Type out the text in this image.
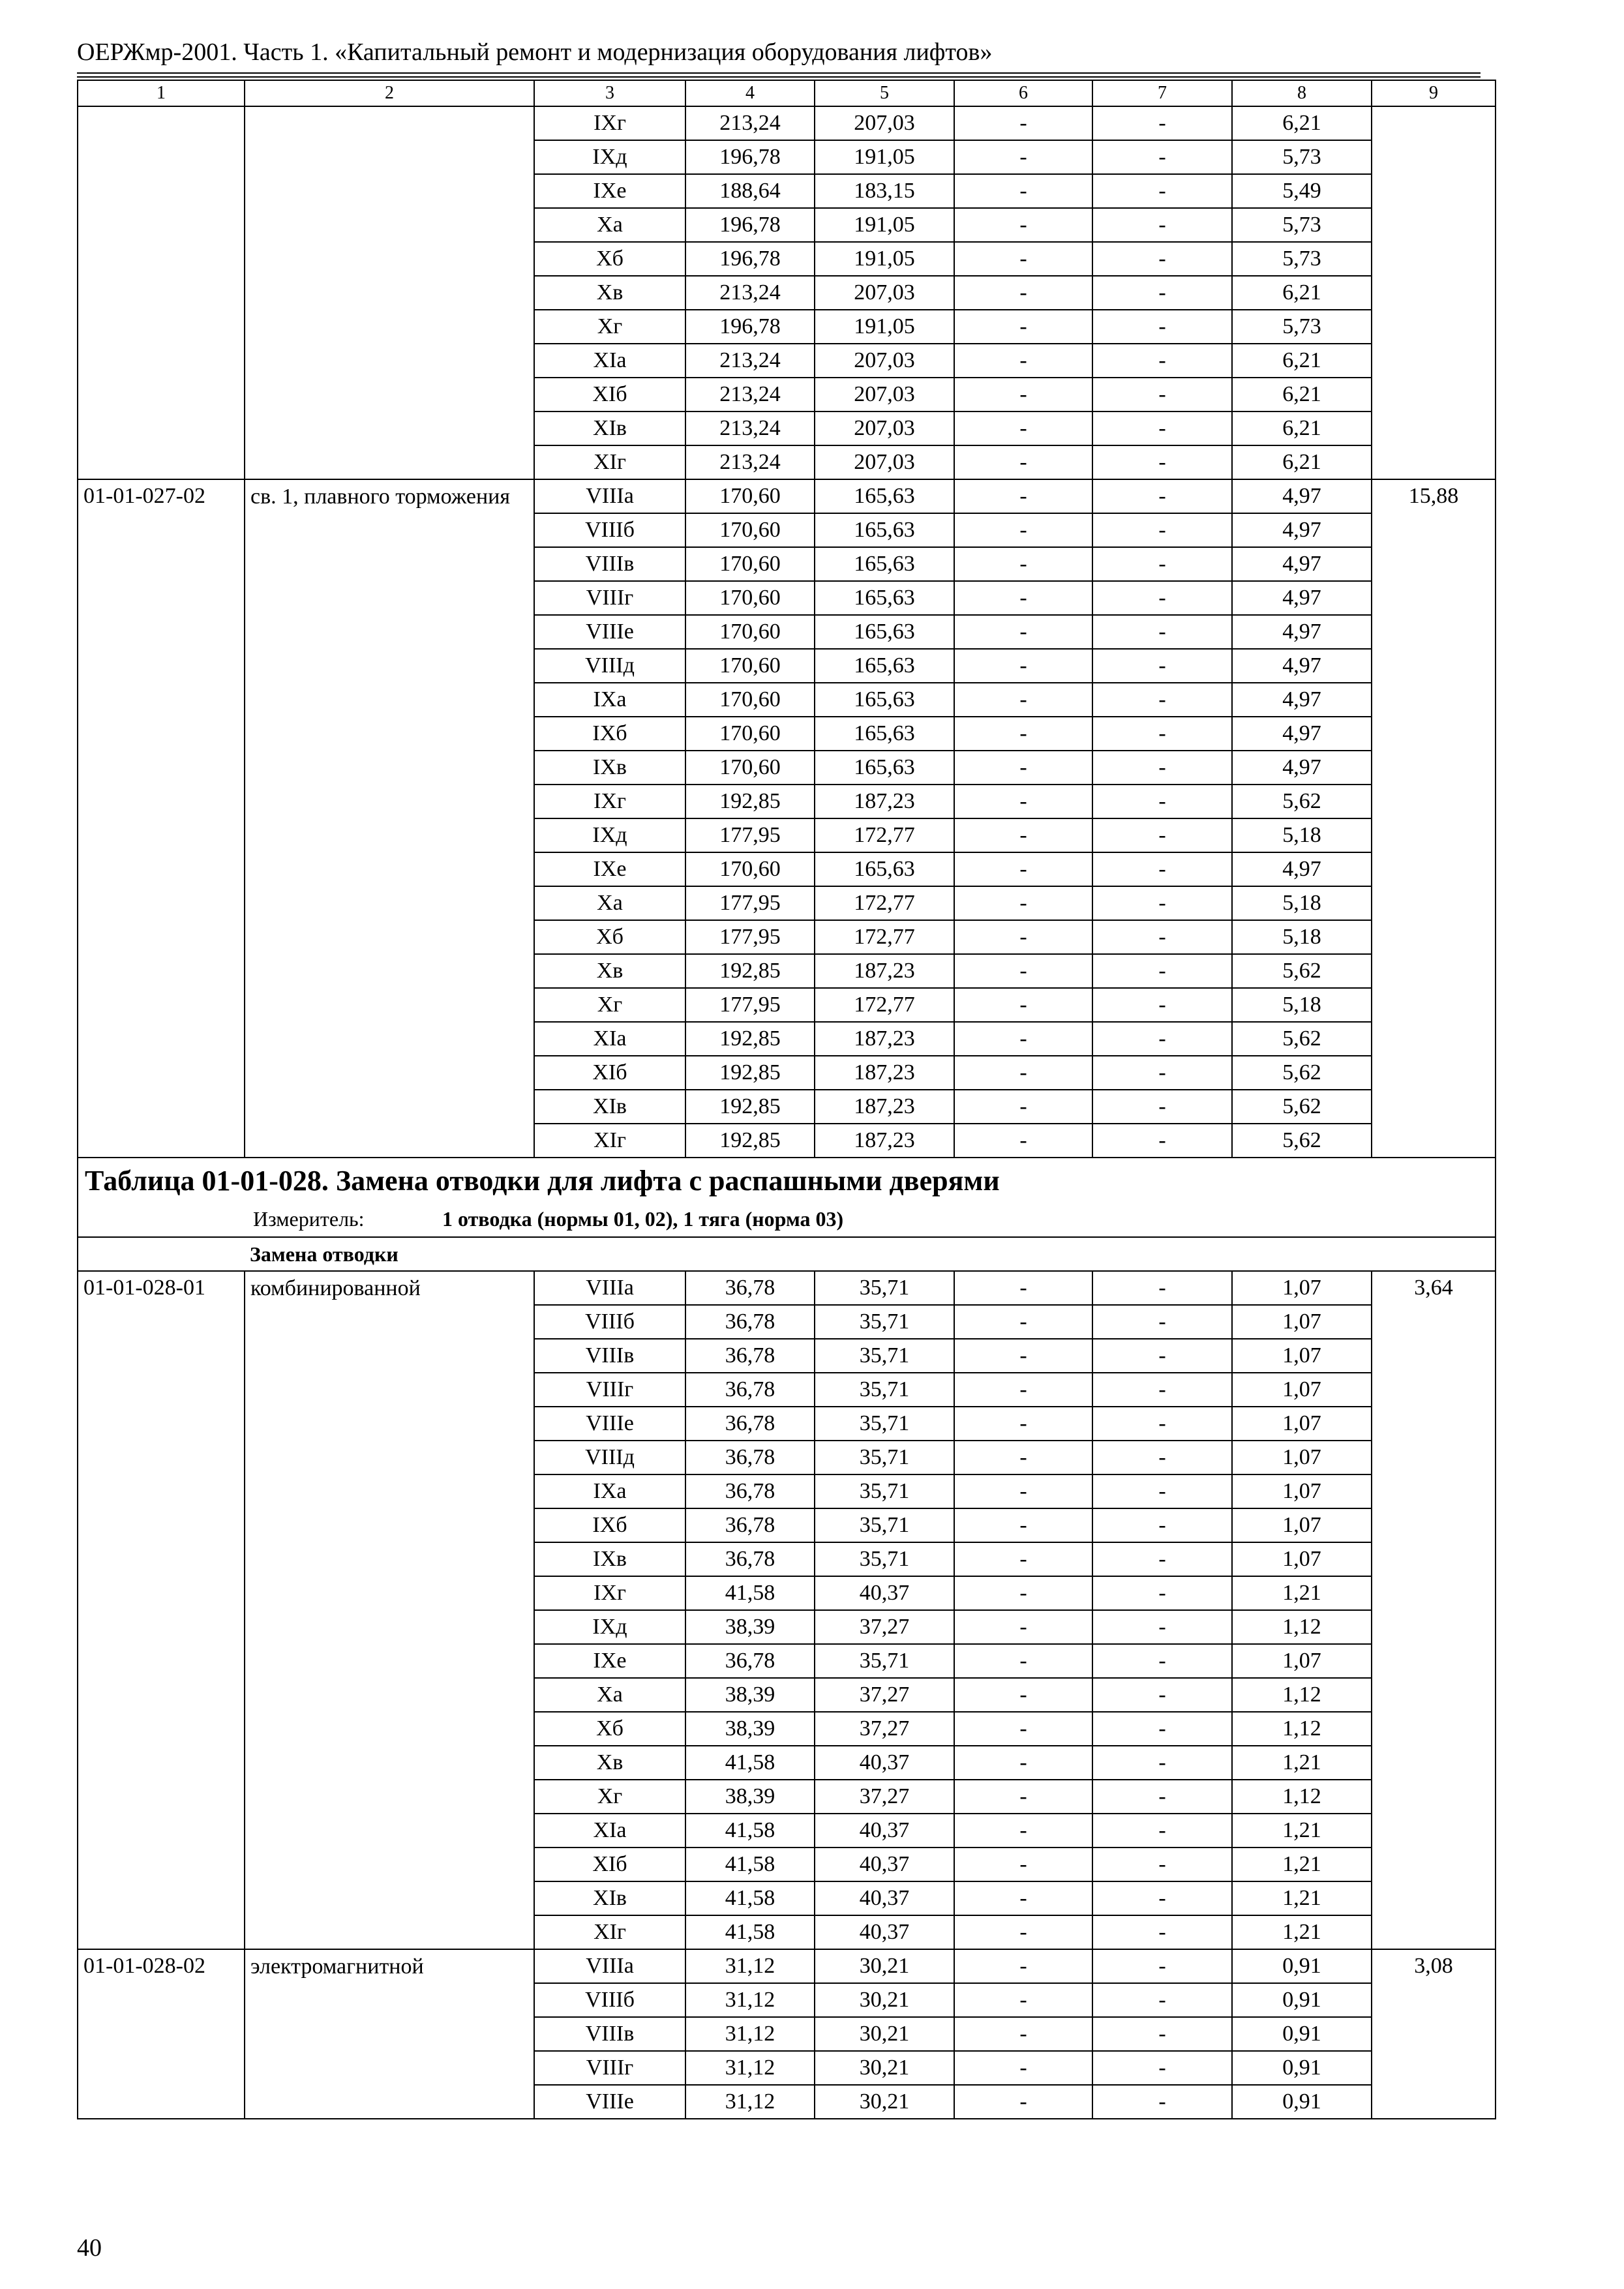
ОЕРЖмр-2001. Часть 1. «Капитальный ремонт и модернизация оборудования лифтов»
1	2	3	4	5	6	7	8	9
		IXг	213,24	207,03	-	-	6,21	
		IXд	196,78	191,05	-	-	5,73	
		IXе	188,64	183,15	-	-	5,49	
		Xа	196,78	191,05	-	-	5,73	
		Xб	196,78	191,05	-	-	5,73	
		Xв	213,24	207,03	-	-	6,21	
		Xг	196,78	191,05	-	-	5,73	
		XIа	213,24	207,03	-	-	6,21	
		XIб	213,24	207,03	-	-	6,21	
		XIв	213,24	207,03	-	-	6,21	
		XIг	213,24	207,03	-	-	6,21	
01-01-027-02	св. 1, плавного торможения	VIIIа	170,60	165,63	-	-	4,97	15,88
		VIIIб	170,60	165,63	-	-	4,97	
		VIIIв	170,60	165,63	-	-	4,97	
		VIIIг	170,60	165,63	-	-	4,97	
		VIIIе	170,60	165,63	-	-	4,97	
		VIIIд	170,60	165,63	-	-	4,97	
		IXа	170,60	165,63	-	-	4,97	
		IXб	170,60	165,63	-	-	4,97	
		IXв	170,60	165,63	-	-	4,97	
		IXг	192,85	187,23	-	-	5,62	
		IXд	177,95	172,77	-	-	5,18	
		IXе	170,60	165,63	-	-	4,97	
		Xа	177,95	172,77	-	-	5,18	
		Xб	177,95	172,77	-	-	5,18	
		Xв	192,85	187,23	-	-	5,62	
		Xг	177,95	172,77	-	-	5,18	
		XIа	192,85	187,23	-	-	5,62	
		XIб	192,85	187,23	-	-	5,62	
		XIв	192,85	187,23	-	-	5,62	
		XIг	192,85	187,23	-	-	5,62	
Таблица 01-01-028. Замена отводки для лифта с распашными дверями								
Измеритель: 1 отводка (нормы 01, 02), 1 тяга (норма 03)								
	Замена отводки							
01-01-028-01	комбинированной	VIIIа	36,78	35,71	-	-	1,07	3,64
		VIIIб	36,78	35,71	-	-	1,07	
		VIIIв	36,78	35,71	-	-	1,07	
		VIIIг	36,78	35,71	-	-	1,07	
		VIIIе	36,78	35,71	-	-	1,07	
		VIIIд	36,78	35,71	-	-	1,07	
		IXа	36,78	35,71	-	-	1,07	
		IXб	36,78	35,71	-	-	1,07	
		IXв	36,78	35,71	-	-	1,07	
		IXг	41,58	40,37	-	-	1,21	
		IXд	38,39	37,27	-	-	1,12	
		IXе	36,78	35,71	-	-	1,07	
		Xа	38,39	37,27	-	-	1,12	
		Xб	38,39	37,27	-	-	1,12	
		Xв	41,58	40,37	-	-	1,21	
		Xг	38,39	37,27	-	-	1,12	
		XIа	41,58	40,37	-	-	1,21	
		XIб	41,58	40,37	-	-	1,21	
		XIв	41,58	40,37	-	-	1,21	
		XIг	41,58	40,37	-	-	1,21	
01-01-028-02	электромагнитной	VIIIа	31,12	30,21	-	-	0,91	3,08
		VIIIб	31,12	30,21	-	-	0,91	
		VIIIв	31,12	30,21	-	-	0,91	
		VIIIг	31,12	30,21	-	-	0,91	
		VIIIе	31,12	30,21	-	-	0,91	
40
